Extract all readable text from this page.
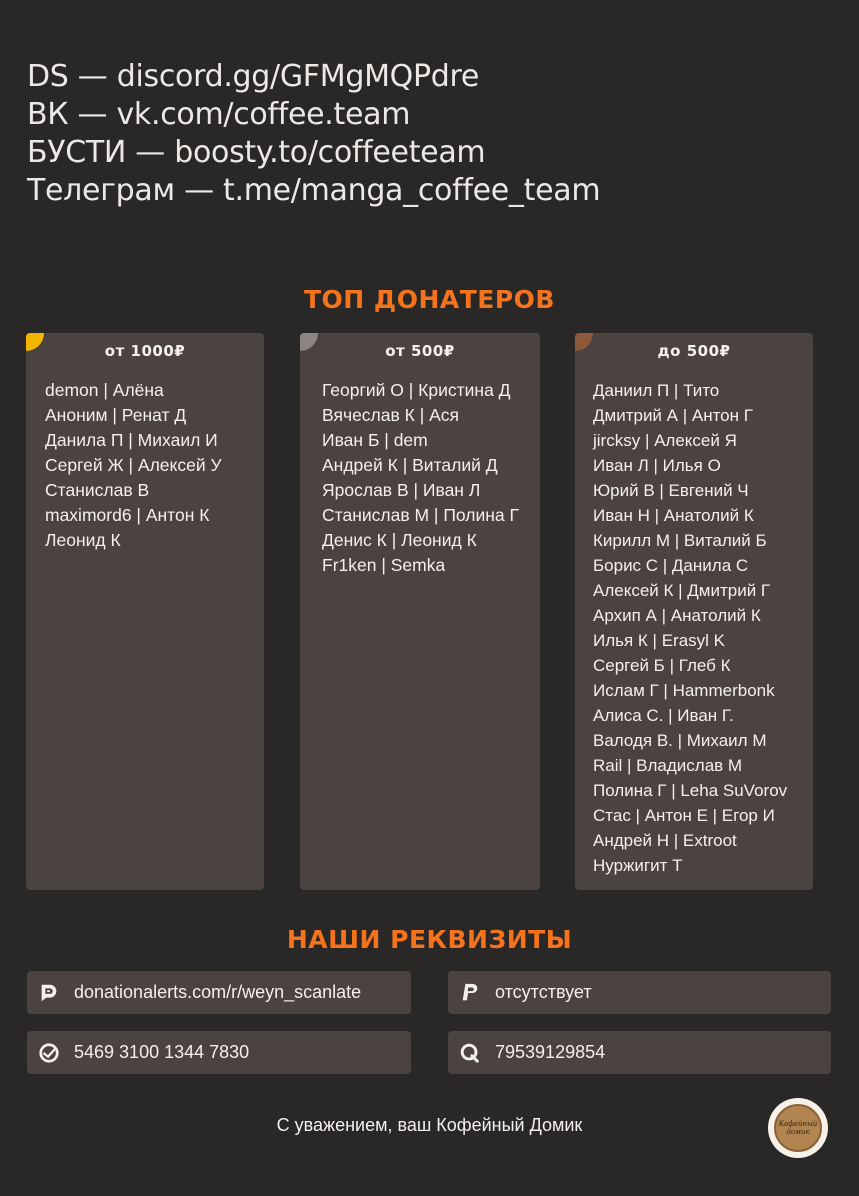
DS — discord.gg/GFMgMQPdre
ВК — vk.com/coffee.team
БУСТИ — boosty.to/coffeeteam
Телеграм — t.me/manga_coffee_team
ТОП ДОНАТЕРОВ
от 1000₽
demon | Алёна
Аноним | Ренат Д
Данила П | Михаил И
Сергей Ж | Алексей У
Станислав В
maximord6 | Антон К
Леонид К
от 500₽
Георгий О | Кристина Д
Вячеслав К | Ася
Иван Б | dem
Андрей К | Виталий Д
Ярослав В | Иван Л
Станислав М | Полина Г
Денис К | Леонид К
Fr1ken | Semka
до 500₽
Даниил П | Тито
Дмитрий А | Антон Г
jircksy | Алексей Я
Иван Л | Илья О
Юрий В | Евгений Ч
Иван Н | Анатолий К
Кирилл М | Виталий Б
Борис С | Данила С
Алексей К | Дмитрий Г
Архип А | Анатолий К
Илья К | Erasyl K
Сергей Б | Глеб К
Ислам Г | Hammerbonk
Алиса С. | Иван Г.
Валодя В. | Михаил М
Rail | Владислав М
Полина Г | Leha SuVorov
Стас | Антон Е | Егор И
Андрей Н | Extroot
Нуржигит Т
НАШИ РЕКВИЗИТЫ
donationalerts.com/r/weyn_scanlate	отсутствует
5469 3100 1344 7830	79539129854
С уважением, ваш Кофейный Домик	Кофейный домик
